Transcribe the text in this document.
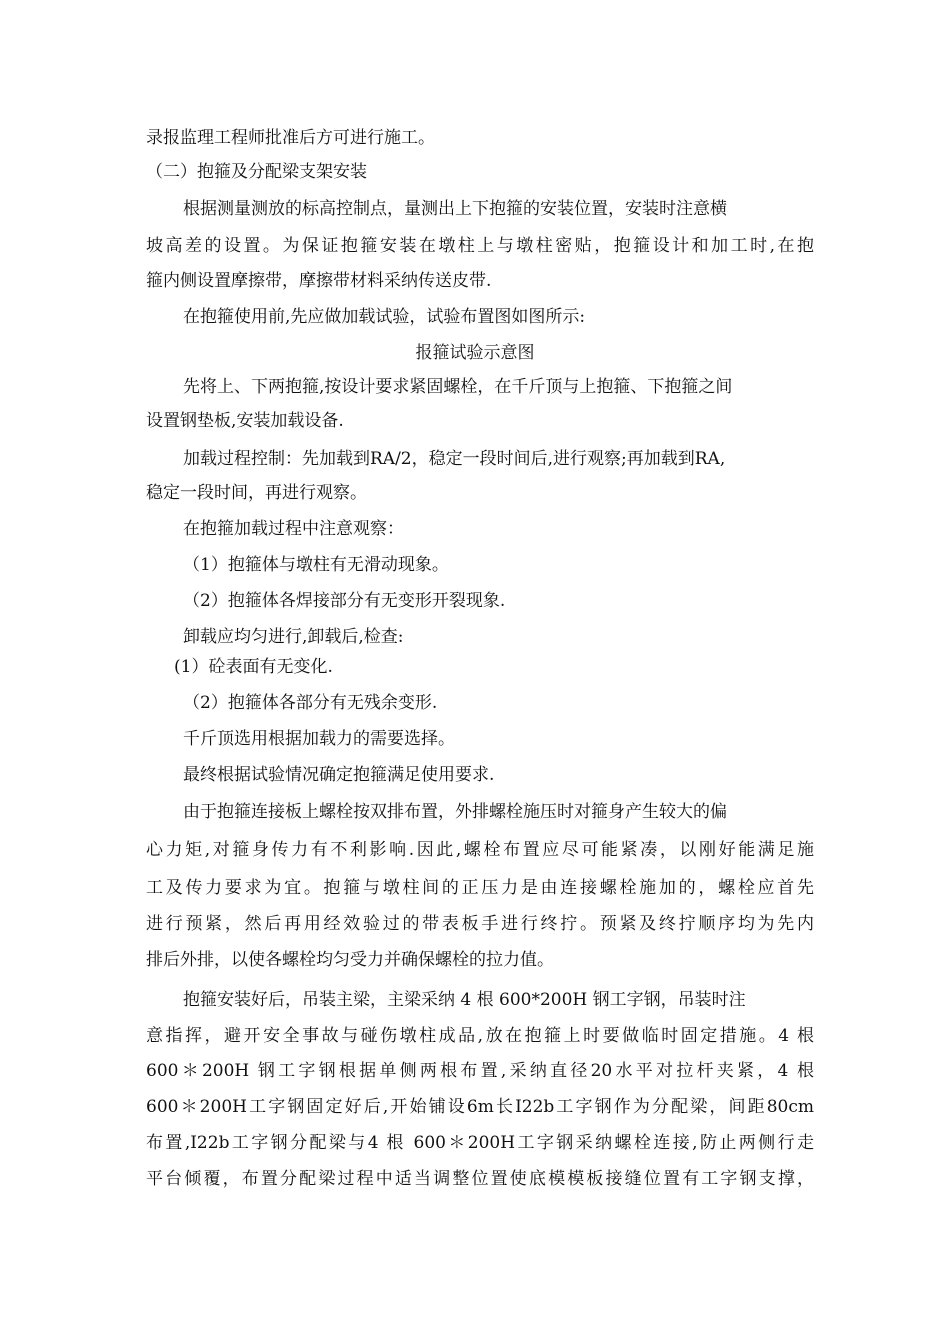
录报监理工程师批准后方可进行施工。
（二）抱箍及分配梁支架安装
根据测量测放的标高控制点，量测出上下抱箍的安装位置，安装时注意横
坡高差的设置。为保证抱箍安装在墩柱上与墩柱密贴，抱箍设计和加工时,在抱
箍内侧设置摩擦带，摩擦带材料采纳传送皮带.
在抱箍使用前,先应做加载试验，试验布置图如图所示:
报箍试验示意图
先将上、下两抱箍,按设计要求紧固螺栓，在千斤顶与上抱箍、下抱箍之间
设置钢垫板,安装加载设备.
加载过程控制：先加载到RA/2，稳定一段时间后,进行观察;再加载到RA,
稳定一段时间，再进行观察。
在抱箍加载过程中注意观察：
（1）抱箍体与墩柱有无滑动现象。
（2）抱箍体各焊接部分有无变形开裂现象.
卸载应均匀进行,卸载后,检查:
(1）砼表面有无变化.
（2）抱箍体各部分有无残余变形.
千斤顶选用根据加载力的需要选择。
最终根据试验情况确定抱箍满足使用要求.
由于抱箍连接板上螺栓按双排布置，外排螺栓施压时对箍身产生较大的偏
心力矩,对箍身传力有不利影响.因此,螺栓布置应尽可能紧凑，以刚好能满足施
工及传力要求为宜。抱箍与墩柱间的正压力是由连接螺栓施加的，螺栓应首先
进行预紧，然后再用经效验过的带表板手进行终拧。预紧及终拧顺序均为先内
排后外排，以使各螺栓均匀受力并确保螺栓的拉力值。
抱箍安装好后，吊装主梁，主梁采纳 4 根 600*200H 钢工字钢，吊装时注
意指挥，避开安全事故与碰伤墩柱成品,放在抱箍上时要做临时固定措施。4 根
600＊200H 钢工字钢根据单侧两根布置,采纳直径20水平对拉杆夹紧，4 根
600＊200H工字钢固定好后,开始铺设6m长I22b工字钢作为分配梁，间距80cm
布置,I22b工字钢分配梁与4 根 600＊200H工字钢采纳螺栓连接,防止两侧行走
平台倾覆，布置分配梁过程中适当调整位置使底模模板接缝位置有工字钢支撑，
